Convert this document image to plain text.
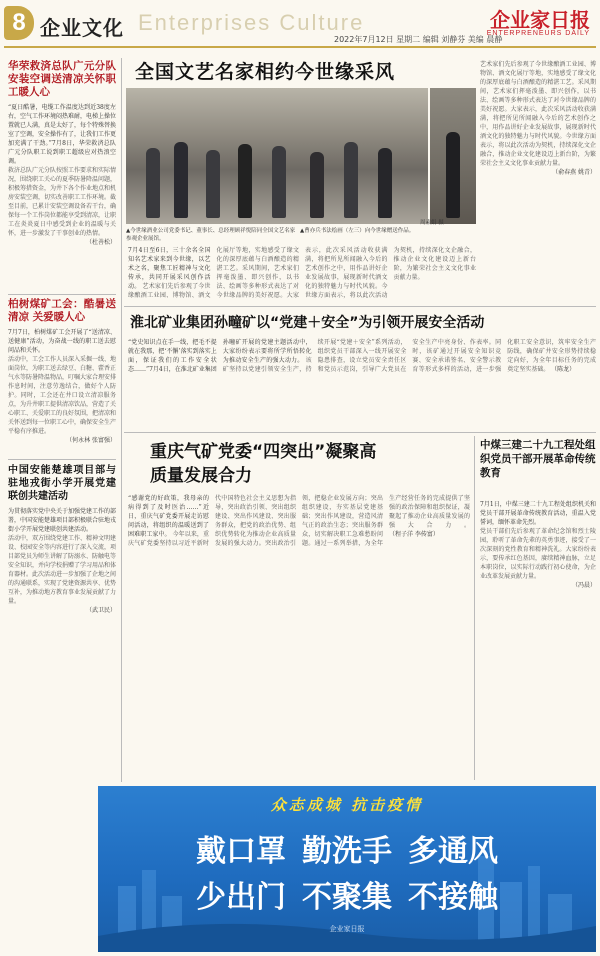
8 企业文化 Enterprises Culture
2022年7月12日 星期二 编辑 刘静芬 美编 晨静
企业家日报
ENTERPRENEURS DAILY
华荣救済总队广元分队安装空调送清凉关怀职工暖人心
“夏日酷暑，电缆工作温度达到近38度左右，空气工作环境闷热难耐，电梯上操位置就已人满，真是太好了，每个特殊替换室了空调，安全操作有了，让我们工作更加充满了干劲。”7月8日，华荣救済总队广元分队职工说到职工超级应对热浪空调。
救济总队广元分队按照工作要求和实际情况，围绕职工关心的夏季防暑降温问题，积极筹措资金，为井下各个作业地点和机房安装空调，切实改善职工工作环境。截至目前，已累计安装空调设备若干台，确保每一个工作岗位都能享受到清凉，让职工在炎炎夏日中感受到企业的温暖与关怀，进一步激发了干事创业的热情。
（杜善松）
柏树煤矿工会：酷暑送清凉 关爱暖人心
7月7日，柏树煤矿工会开展了“送清凉、送健康”活动，为奋战一线的职工送去慰问品和关怀。
活动中，工会工作人员深入采掘一线、地面岗位，为职工送去绿豆、白糖、藿香正气水等防暑降温物品，叮嘱大家合理安排作息时间，注意劳逸结合，做好个人防护。同时，工会还在井口设立清凉服务点，为升井职工提供清凉饮品，营造了关心职工、关爱职工的良好氛围，把清凉和关怀送到每一位职工心中，确保安全生产平稳有序推进。
（何永林 张富强）
中国安能楚雄项目部与驻地戎街小学开展党建联创共建活动
为贯彻落实党中央关于加强党建工作的部署，中国安能楚雄项目部积极联合驻地戎街小学开展党建联创共建活动。
活动中，双方围绕党建工作、精神文明建设、校园安全等内容进行了深入交流，项目部党员为师生讲解了防溺水、防触电等安全知识，并向学校捐赠了学习用品和体育器材。此次活动进一步加强了企地之间的沟通联系，实现了党建资源共享、优势互补，为推动地方教育事业发展贡献了力量。
（武卫民）
全国文艺名家相约今世缘采风
▲今世缘酒业公司党委书记、董事长、总经理顾祥悦陪同全国文艺名家参观企业展馆。
▲曹亦兵书法绘画（左三）向今世缘赠送作品。
周素娟 摄
7月4日至6日，三十余名全国知名艺术家来到今世缘，以艺术之名，聚焦工匠精神与文化传承，共同开展采风创作活动。 艺术家们先后参观了今世缘酿酒工业园、博物馆、酒文化展厅等地，实地感受了缘文化的深厚底蕴与白酒酿造的精湛工艺。采风期间，艺术家们挥毫泼墨、即兴创作，以书法、绘画等多种形式表达了对今世缘品牌的美好祝愿。大家表示，此次采风活动收获满满，将把所见所闻融入今后的艺术创作之中，用作品讲好企业发展故事，展现新时代酒文化的独特魅力与时代风貌。今世缘方面表示，将以此次活动为契机，持续深化文企融合，推动企业文化建设迈上新台阶，为繁荣社会主义文化事业贡献力量。
艺术家们先后参观了今世缘酿酒工业园、博物馆、酒文化展厅等地，实地感受了缘文化的深厚底蕴与白酒酿造的精湛工艺。采风期间，艺术家们挥毫泼墨、即兴创作，以书法、绘画等多种形式表达了对今世缘品牌的美好祝愿。大家表示，此次采风活动收获满满，将把所见所闻融入今后的艺术创作之中，用作品讲好企业发展故事，展现新时代酒文化的独特魅力与时代风貌。今世缘方面表示，将以此次活动为契机，持续深化文企融合，推动企业文化建设迈上新台阶，为繁荣社会主义文化事业贡献力量。
（俞春燕 姚青）
淮北矿业集团孙疃矿以“党建＋安全”为引领开展安全活动
“党史知识点在手一线，把毛不提就在我那，把‘不懈’落实到落实上面，保证我们的工作安全状态……”7月4日，在淮北矿业集团孙疃矿开展的党建主题活动中，大家纷纷表示要将所学所悟转化为推动安全生产的强大动力。 该矿坚持以党建引领安全生产，持续开展“党建＋安全”系列活动，组织党员干部深入一线开展安全隐患排查，设立党员安全责任区和党员示范岗，引导广大党员在安全生产中亮身份、作表率。同时，该矿通过开展安全知识竞赛、安全承诺签名、安全警示教育等形式多样的活动，进一步强化职工安全意识，筑牢安全生产防线，确保矿井安全形势持续稳定向好，为全年目标任务的完成奠定坚实基础。 （陈龙）
重庆气矿党委“四突出”凝聚高质量发展合力
“感谢党的好政策，我母亲的病得到了及时医治……”近日，重庆气矿党委开展走访慰问活动，将组织的温暖送到了困难职工家中。 今年以来，重庆气矿党委坚持以习近平新时代中国特色社会主义思想为指导，突出政治引领、突出组织建设、突出作风建设、突出服务群众，把党的政治优势、组织优势转化为推动企业高质量发展的强大动力。突出政治引领，把稳企业发展方向；突出组织建设，夯实基层党建基础；突出作风建设，营造风清气正的政治生态；突出服务群众，切实解决职工急难愁盼问题。通过一系列举措，为全年生产经营任务的完成提供了坚强的政治保障和组织保证，凝聚起了推动企业高质量发展的强大合力。 （程子洋 李传富）
中煤三建二十九工程处组织党员干部开展革命传统教育
7月1日，中煤三建二十九工程处组织机关和党员干部开展革命传统教育活动，重温入党誓词，缅怀革命先烈。
党员干部们先后参观了革命纪念馆和烈士陵园，聆听了革命先辈的英勇事迹，接受了一次深刻的党性教育和精神洗礼。大家纷纷表示，要传承红色基因，赓续精神血脉，立足本职岗位，以实际行动践行初心使命，为企业改革发展贡献力量。
（冯晨）
众志成城 抗击疫情
戴口罩 勤洗手 多通风
少出门 不聚集 不接触
企业家日报
